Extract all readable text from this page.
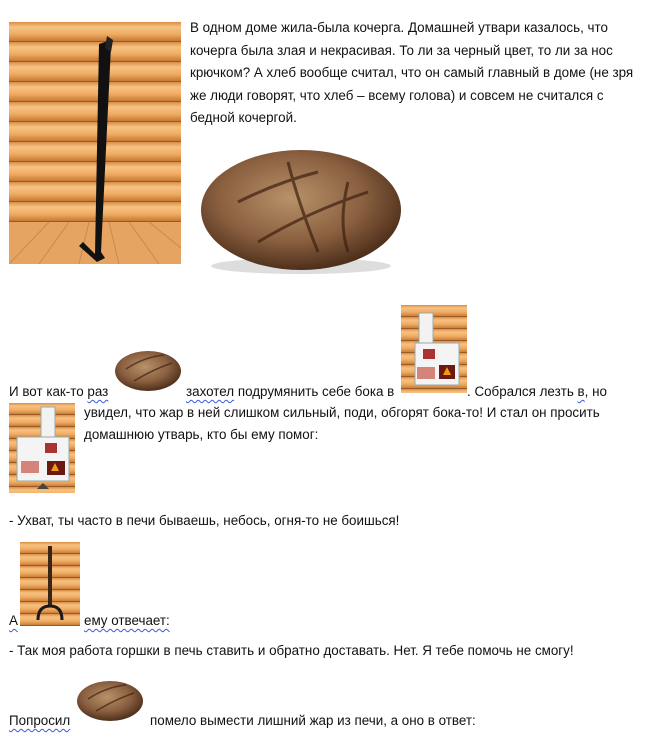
В одном доме жила-была кочерга. Домашней утвари казалось, что кочерга была злая и некрасивая. То ли за черный цвет, то ли за нос крючком? А хлеб вообще считал, что он самый главный в доме (не зря же люди говорят, что хлеб – всему голова) и совсем не считался с бедной кочергой.
И вот как-то раз	захотел подрумянить себе бока в	. Собрался лезть в, но
увидел, что жар в ней слишком сильный, поди, обгорят бока-то! И стал он просить
домашнюю утварь, кто бы ему помог:
- Ухват, ты часто в печи бываешь, небось, огня-то не боишься!
А	ему отвечает:
- Так моя работа горшки в печь ставить и обратно доставать. Нет. Я тебе помочь не смогу!
Попросил	помело вымести лишний жар из печи, а оно в ответ:
